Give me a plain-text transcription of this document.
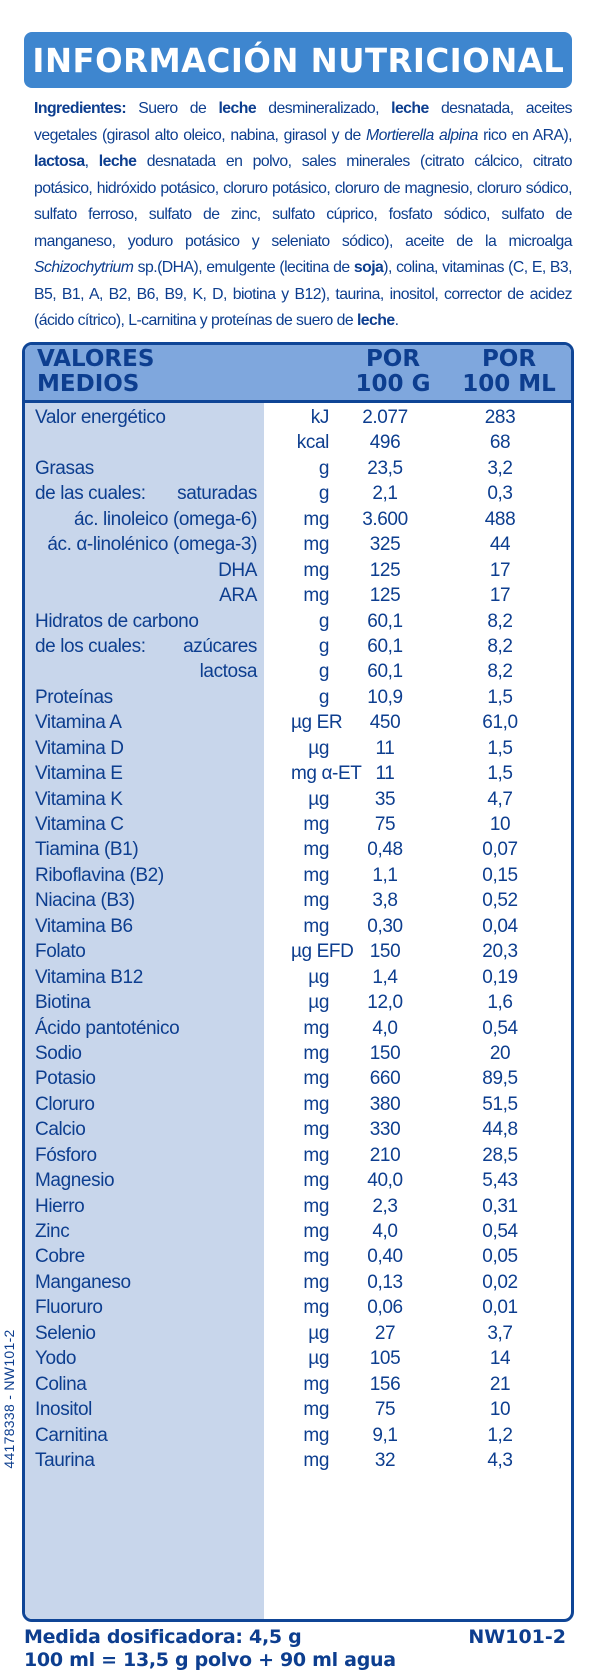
INFORMACIÓN NUTRICIONAL
Ingredientes: Suero de leche desmineralizado, leche desnatada, aceites vegetales (girasol alto oleico, nabina, girasol y de Mortierella alpina rico en ARA), lactosa, leche desnatada en polvo, sales minerales (citrato cálcico, citrato potásico, hidróxido potásico, cloruro potásico, cloruro de magnesio, cloruro sódico, sulfato ferroso, sulfato de zinc, sulfato cúprico, fosfato sódico, sulfato de manganeso, yoduro potásico y seleniato sódico), aceite de la microalga Schizochytrium sp.(DHA), emulgente (lecitina de soja), colina, vitaminas (C, E, B3, B5, B1, A, B2, B6, B9, K, D, biotina y B12), taurina, inositol, corrector de acidez (ácido cítrico), L-carnitina y proteínas de suero de leche.
VALORES
MEDIOS
POR
100 G
POR
100 ML
Valor energético	kJ	2.077	283
kcal	496	68
Grasas	g	23,5	3,2
de las cuales: saturadas	g	2,1	0,3
ác. linoleico (omega-6)	mg	3.600	488
ác. α-linolénico (omega-3)	mg	325	44
DHA	mg	125	17
ARA	mg	125	17
Hidratos de carbono	g	60,1	8,2
de los cuales: azúcares	g	60,1	8,2
lactosa	g	60,1	8,2
Proteínas	g	10,9	1,5
Vitamina A	µg ER	450	61,0
Vitamina D	µg	11	1,5
Vitamina E	mg α-ET 11	1,5
Vitamina K	µg	35	4,7
Vitamina C	mg	75	10
Tiamina (B1)	mg	0,48	0,07
Riboflavina (B2)	mg	1,1	0,15
Niacina (B3)	mg	3,8	0,52
Vitamina B6	mg	0,30	0,04
Folato	µg EFD 150	20,3
Vitamina B12	µg	1,4	0,19
Biotina	µg	12,0	1,6
Ácido pantoténico	mg	4,0	0,54
Sodio	mg	150	20
Potasio	mg	660	89,5
Cloruro	mg	380	51,5
Calcio	mg	330	44,8
Fósforo	mg	210	28,5
Magnesio	mg	40,0	5,43
Hierro	mg	2,3	0,31
Zinc	mg	4,0	0,54
Cobre	mg	0,40	0,05
Manganeso	mg	0,13	0,02
Fluoruro	mg	0,06	0,01
Selenio	µg	27	3,7
Yodo	µg	105	14
Colina	mg	156	21
Inositol	mg	75	10
Carnitina	mg	9,1	1,2
Taurina	mg	32	4,3
Medida dosificadora: 4,5 g
100 ml = 13,5 g polvo + 90 ml agua
NW101-2
44178338 - NW101-2
